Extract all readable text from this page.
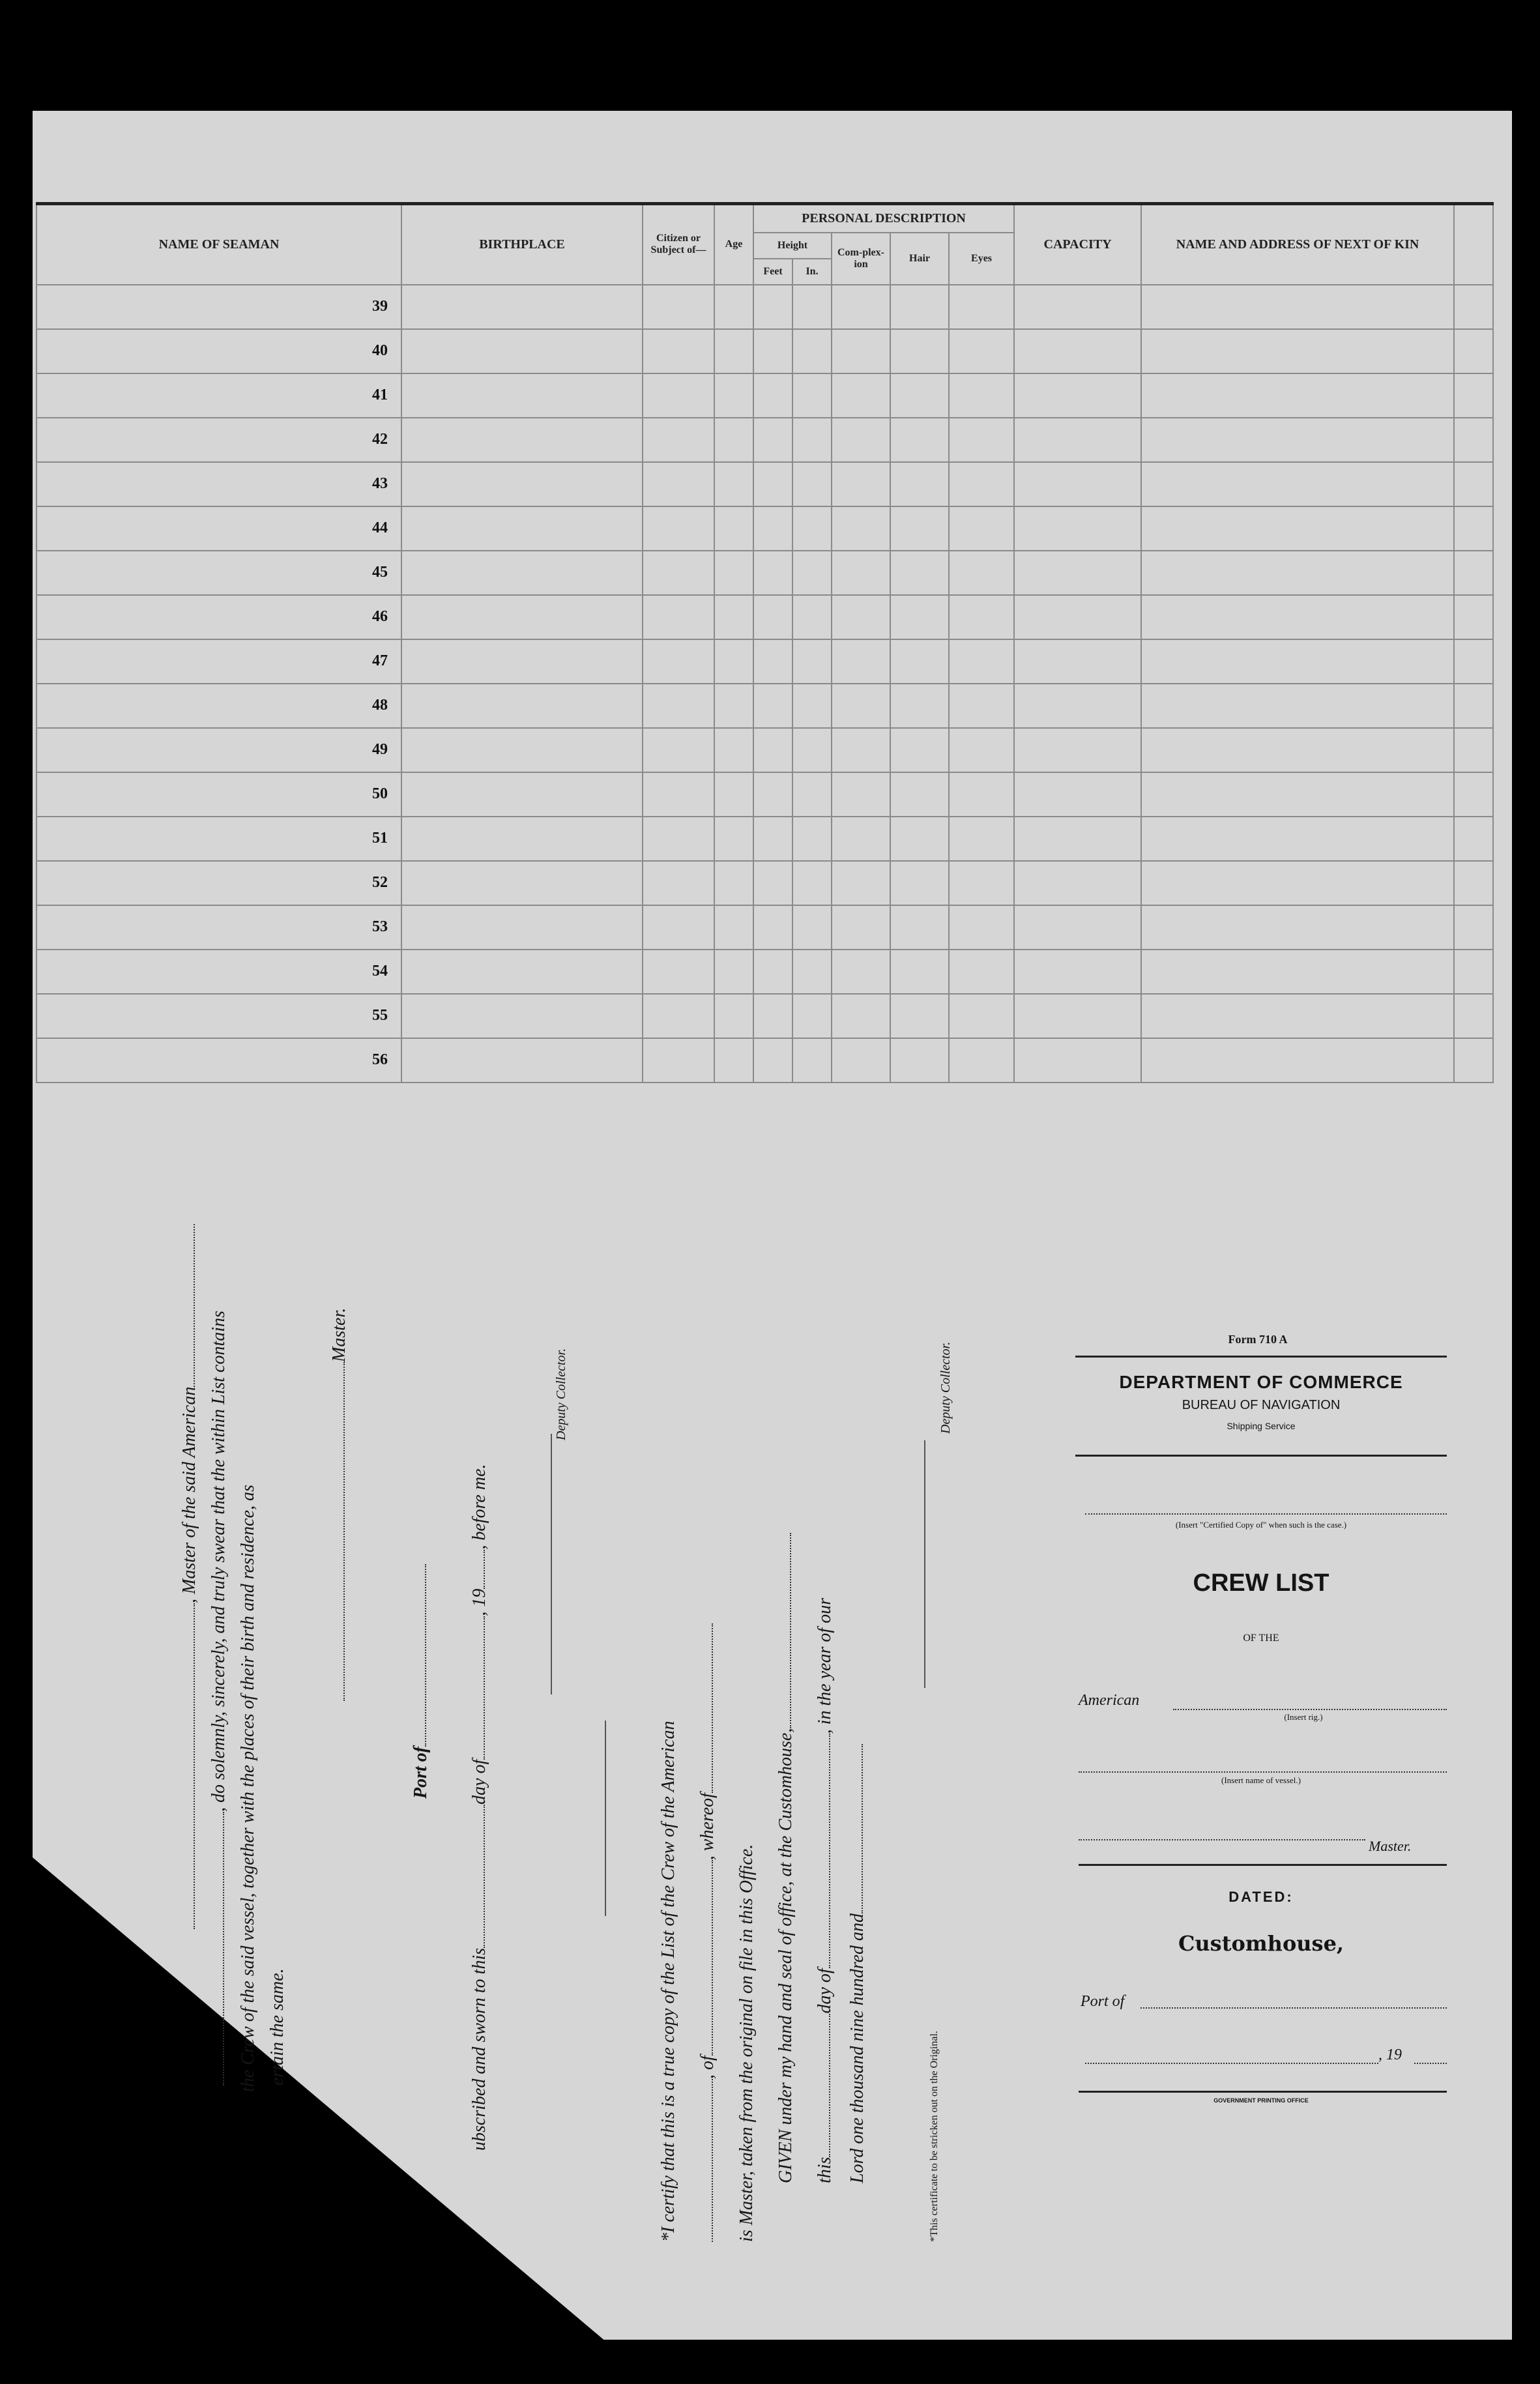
NAME OF SEAMAN	BIRTHPLACE	Citizen or Subject of—	Age	PERSONAL DESCRIPTION					CAPACITY	NAME AND ADDRESS OF NEXT OF KIN	
				Height		Com-plex-ion	Hair	Eyes			
				Feet	In.						
39											
40											
41											
42											
43											
44											
45											
46											
47											
48											
49											
50											
51											
52											
53											
54											
55											
56											
, Master of the said American , do solemnly, sincerely, and truly swear that the within List contains the Crew of the said vessel, together with the places of their birth and residence, as ertain the same.
Master.
Port of
ubscribed and sworn to thisday of, 19, before me.
Deputy Collector.
*I certify that this is a true copy of the List of the Crew of the American , of, whereof
is Master, taken from the original on file in this Office. GIVEN under my hand and seal of office, at the Customhouse, thisday of, in the year of our
Lord one thousand nine hundred and
Deputy Collector.
*This certificate to be stricken out on the Original.
Form 710 A
DEPARTMENT OF COMMERCE
BUREAU OF NAVIGATION
Shipping Service
(Insert "Certified Copy of" when such is the case.)
CREW LIST
OF THE
American
(Insert rig.)
(Insert name of vessel.)
Master.
DATED:
Customhouse,
Port of
, 19
GOVERNMENT PRINTING OFFICE
